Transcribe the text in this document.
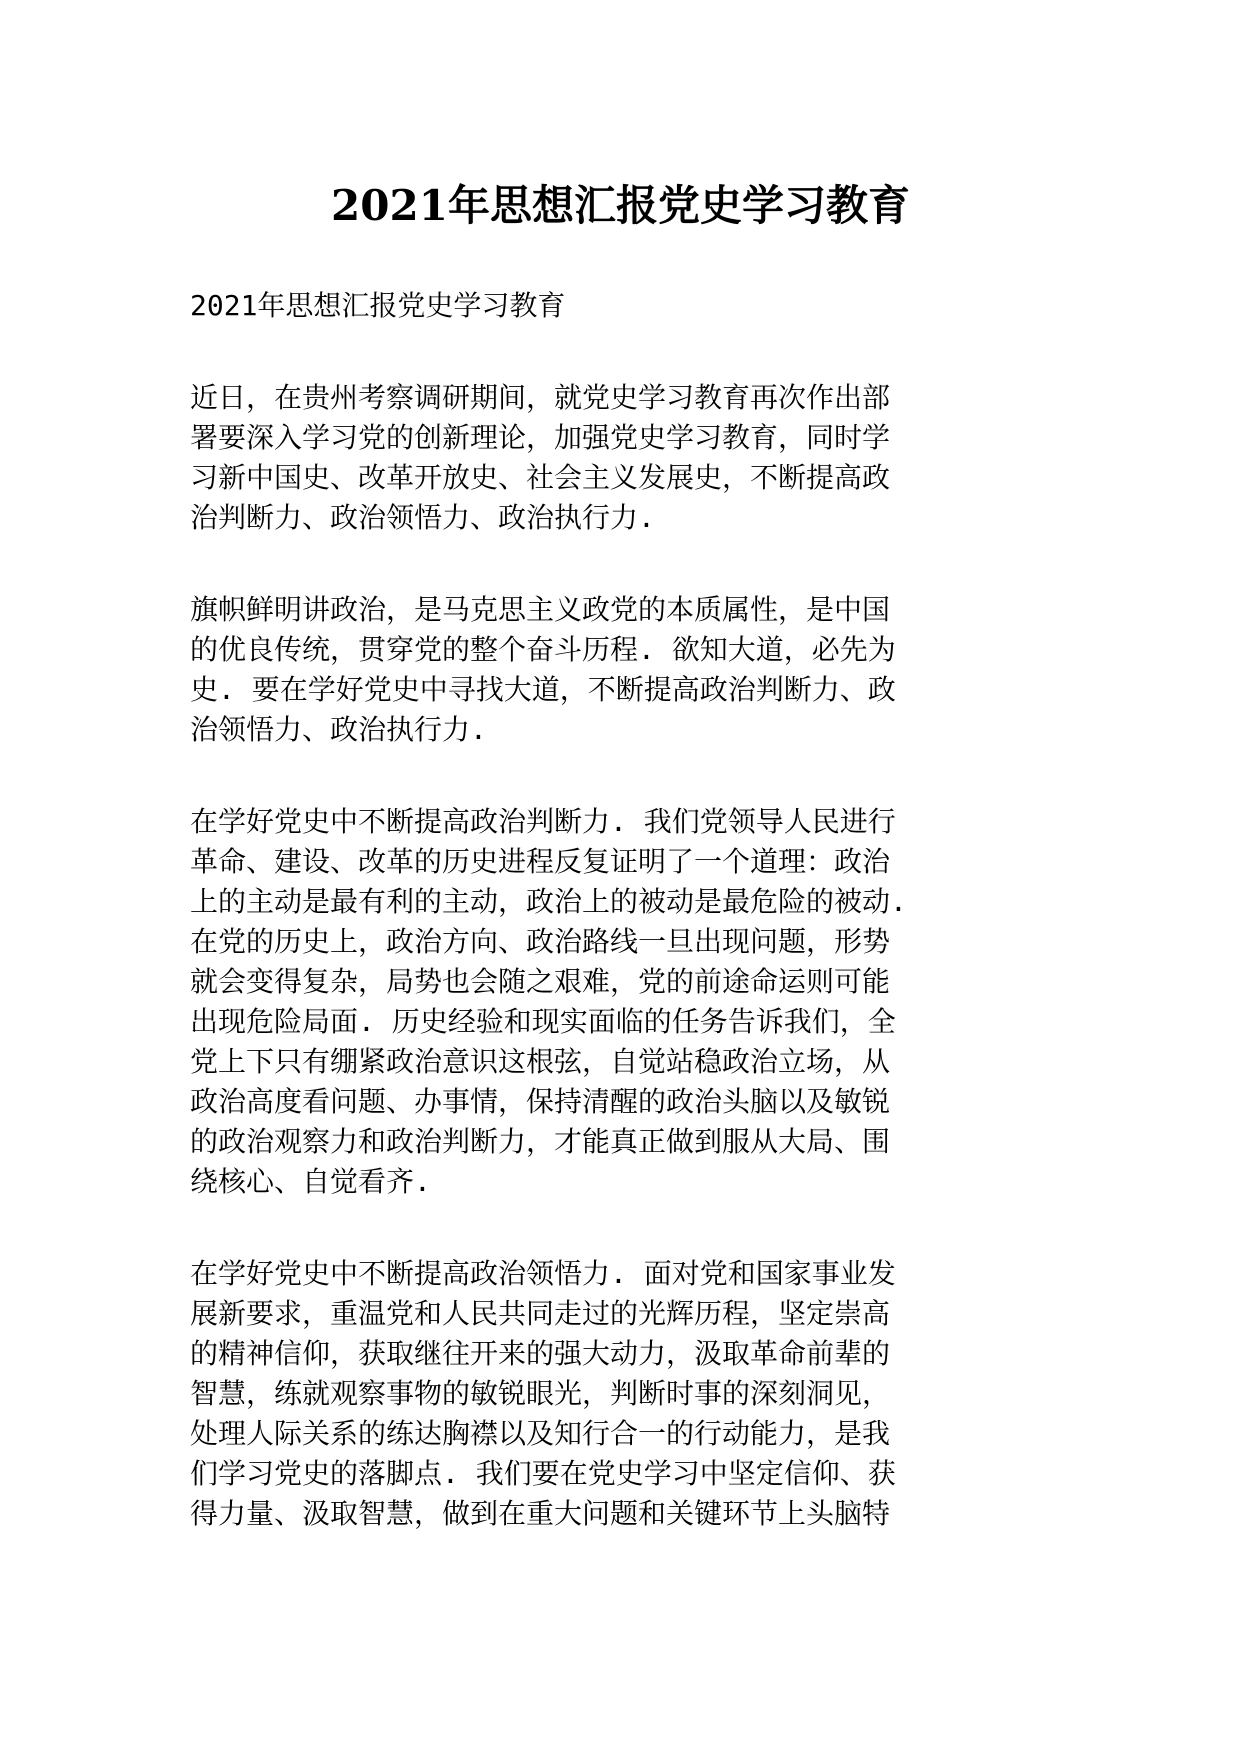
2021年思想汇报党史学习教育
2021年思想汇报党史学习教育
近日，在贵州考察调研期间，就党史学习教育再次作出部
署要深入学习党的创新理论，加强党史学习教育，同时学
习新中国史、改革开放史、社会主义发展史，不断提高政
治判断力、政治领悟力、政治执行力.
旗帜鲜明讲政治，是马克思主义政党的本质属性，是中国
的优良传统，贯穿党的整个奋斗历程. 欲知大道，必先为
史. 要在学好党史中寻找大道，不断提高政治判断力、政
治领悟力、政治执行力.
在学好党史中不断提高政治判断力. 我们党领导人民进行
革命、建设、改革的历史进程反复证明了一个道理：政治
上的主动是最有利的主动，政治上的被动是最危险的被动.
在党的历史上，政治方向、政治路线一旦出现问题，形势
就会变得复杂，局势也会随之艰难，党的前途命运则可能
出现危险局面. 历史经验和现实面临的任务告诉我们，全
党上下只有绷紧政治意识这根弦，自觉站稳政治立场，从
政治高度看问题、办事情，保持清醒的政治头脑以及敏锐
的政治观察力和政治判断力，才能真正做到服从大局、围
绕核心、自觉看齐.
在学好党史中不断提高政治领悟力. 面对党和国家事业发
展新要求，重温党和人民共同走过的光辉历程，坚定崇高
的精神信仰，获取继往开来的强大动力，汲取革命前辈的
智慧，练就观察事物的敏锐眼光，判断时事的深刻洞见，
处理人际关系的练达胸襟以及知行合一的行动能力，是我
们学习党史的落脚点. 我们要在党史学习中坚定信仰、获
得力量、汲取智慧，做到在重大问题和关键环节上头脑特
